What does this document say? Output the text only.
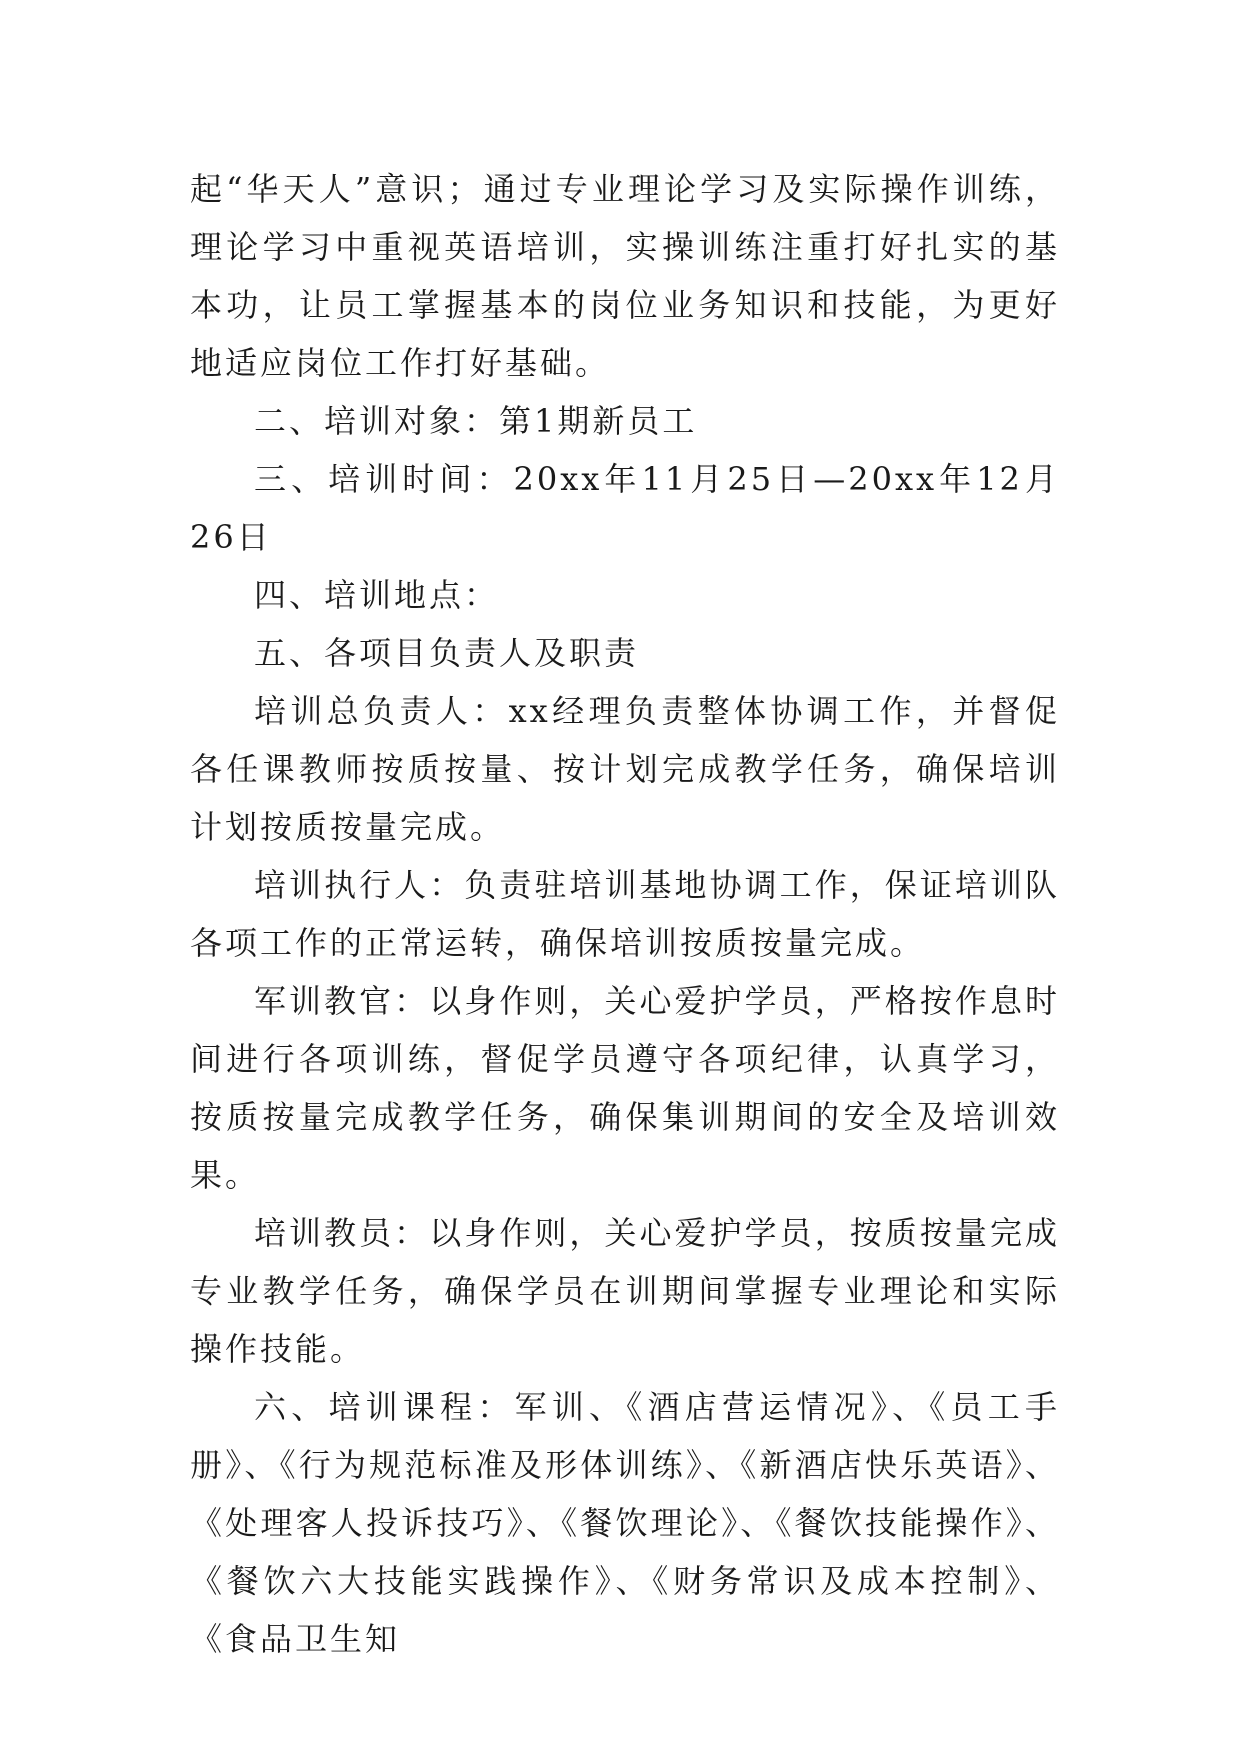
起“华天人”意识；通过专业理论学习及实际操作训练，理论学习中重视英语培训，实操训练注重打好扎实的基本功，让员工掌握基本的岗位业务知识和技能，为更好地适应岗位工作打好基础。

二、培训对象：第1期新员工

三、培训时间：20xx年11月25日—20xx年12月26日

四、培训地点：

五、各项目负责人及职责

培训总负责人：xx经理负责整体协调工作，并督促各任课教师按质按量、按计划完成教学任务，确保培训计划按质按量完成。

培训执行人：负责驻培训基地协调工作，保证培训队各项工作的正常运转，确保培训按质按量完成。

军训教官：以身作则，关心爱护学员，严格按作息时间进行各项训练，督促学员遵守各项纪律，认真学习，按质按量完成教学任务，确保集训期间的安全及培训效果。

培训教员：以身作则，关心爱护学员，按质按量完成专业教学任务，确保学员在训期间掌握专业理论和实际操作技能。

六、培训课程：军训、《酒店营运情况》、《员工手册》、《行为规范标准及形体训练》、《新酒店快乐英语》、《处理客人投诉技巧》、《餐饮理论》、《餐饮技能操作》、《餐饮六大技能实践操作》、《财务常识及成本控制》、《食品卫生知
